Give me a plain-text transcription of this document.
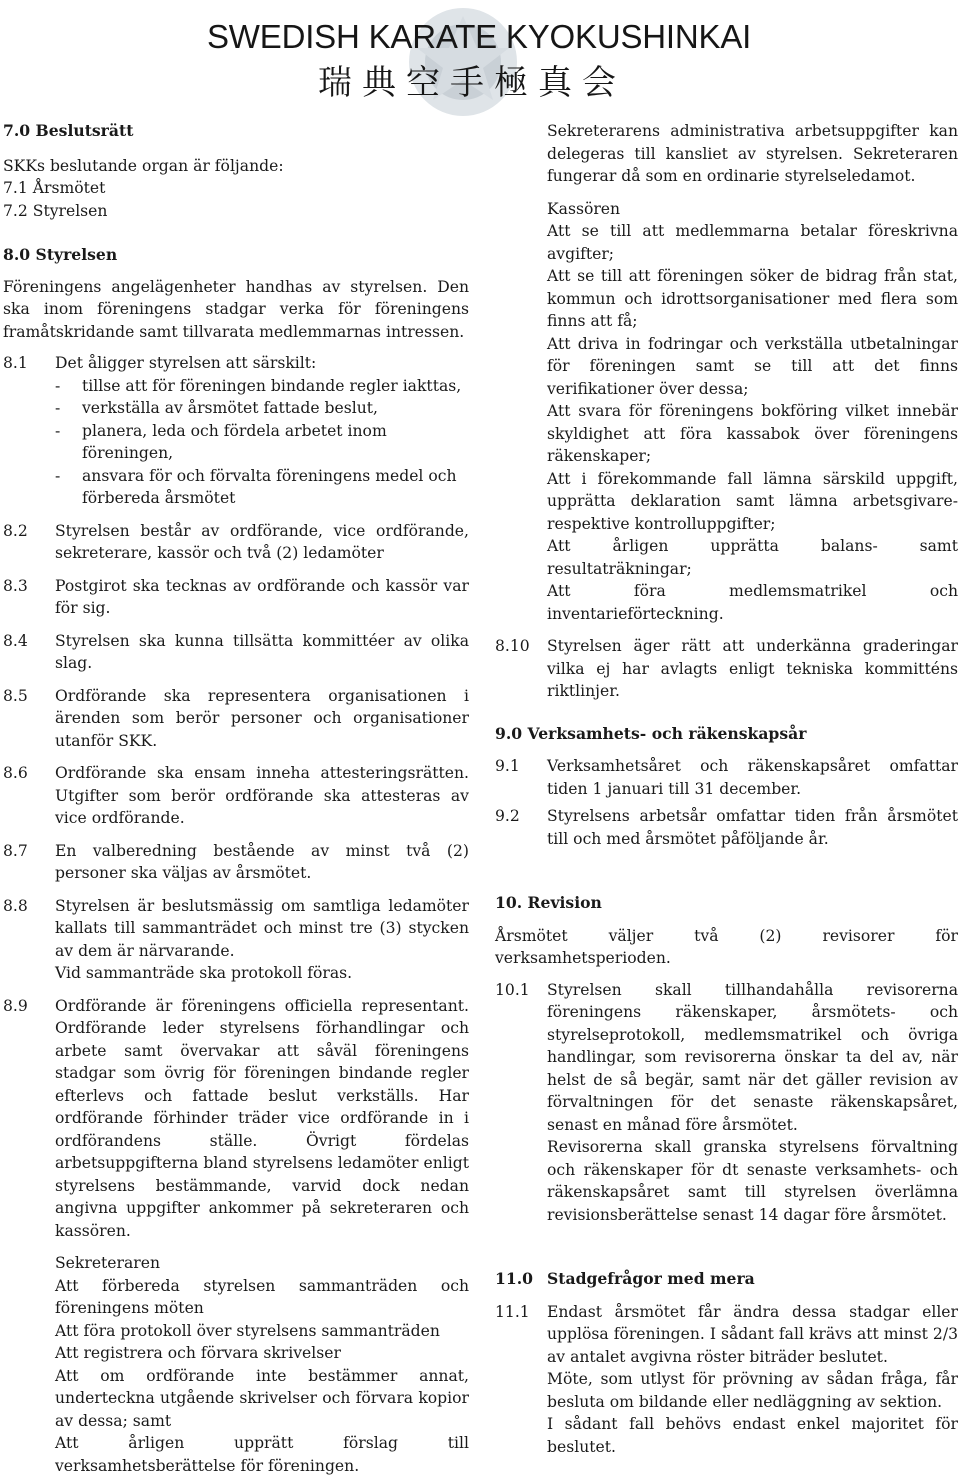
SWEDISH KARATE KYOKUSHINKAI
瑞典空手極真会

7.0 Beslutsrätt

SKKs beslutande organ är följande:

7.1 Årsmötet

7.2 Styrelsen

8.0 Styrelsen

Föreningens angelägenheter handhas av styrelsen. Den ska inom föreningens stadgar verka för föreningens framåtskridande samt tillvarata medlemmarnas intressen.

8.1	Det åligger styrelsen att särskilt:
-	tillse att för föreningen bindande regler iakttas,
-	verkställa av årsmötet fattade beslut,
-	planera, leda och fördela arbetet inom föreningen,
-	ansvara för och förvalta föreningens medel och förbereda årsmötet
8.2	Styrelsen består av ordförande, vice ordförande, sekreterare, kassör och två (2) ledamöter
8.3	Postgirot ska tecknas av ordförande och kassör var för sig.
8.4	Styrelsen ska kunna tillsätta kommittéer av olika slag.
8.5	Ordförande ska representera organisationen i ärenden som berör personer och organisationer utanför SKK.
8.6	Ordförande ska ensam inneha attesteringsrätten. Utgifter som berör ordförande ska attesteras av vice ordförande.
8.7	En valberedning bestående av minst två (2) personer ska väljas av årsmötet.
8.8	Styrelsen är beslutsmässig om samtliga ledamöter kallats till sammanträdet och minst tre (3) stycken av dem är närvarande.
Vid sammanträde ska protokoll föras.
8.9	Ordförande är föreningens officiella representant. Ordförande leder styrelsens förhandlingar och arbete samt övervakar att såväl föreningens stadgar som övrig för föreningen bindande regler efterlevs och fattade beslut verkställs. Har ordförande förhinder träder vice ordförande in i ordförandens ställe. Övrigt fördelas arbetsuppgifterna bland styrelsens ledamöter enligt styrelsens bestämmande, varvid dock nedan angivna uppgifter ankommer på sekreteraren och kassören.
Sekreteraren
Att förbereda styrelsen sammanträden och föreningens möten
Att föra protokoll över styrelsens sammanträden
Att registrera och förvara skrivelser
Att om ordförande inte bestämmer annat, underteckna utgående skrivelser och förvara kopior av dessa; samt
Att årligen upprätt förslag till verksamhetsberättelse för föreningen.
Sekreterarens administrativa arbetsuppgifter kan delegeras till kansliet av styrelsen. Sekreteraren fungerar då som en ordinarie styrelseledamot.
Kassören
Att se till att medlemmarna betalar föreskrivna avgifter;
Att se till att föreningen söker de bidrag från stat, kommun och idrottsorganisationer med flera som finns att få;
Att driva in fodringar och verkställa utbetalningar för föreningen samt se till att det finns verifikationer över dessa;
Att svara för föreningens bokföring vilket innebär skyldighet att föra kassabok över föreningens räkenskaper;
Att i förekommande fall lämna särskild uppgift, upprätta deklaration samt lämna arbetsgivare- respektive kontrolluppgifter;
Att årligen upprätta balans- samt resultaträkningar;
Att föra medlemsmatrikel och inventarieförteckning.
8.10	Styrelsen äger rätt att underkänna graderingar vilka ej har avlagts enligt tekniska kommitténs riktlinjer.

9.0 Verksamhets- och räkenskapsår

9.1	Verksamhetsåret och räkenskapsåret omfattar tiden 1 januari till 31 december.
9.2	Styrelsens arbetsår omfattar tiden från årsmötet till och med årsmötet påföljande år.

10. Revision

Årsmötet väljer två (2) revisorer för verksamhetsperioden.

10.1	Styrelsen skall tillhandahålla revisorerna föreningens räkenskaper, årsmötets- och styrelseprotokoll, medlemsmatrikel och övriga handlingar, som revisorerna önskar ta del av, när helst de så begär, samt när det gäller revision av förvaltningen för det senaste räkenskapsåret, senast en månad före årsmötet.
Revisorerna skall granska styrelsens förvaltning och räkenskaper för dt senaste verksamhets- och räkenskapsåret samt till styrelsen överlämna revisionsberättelse senast 14 dagar före årsmötet.
11.0 Stadgefrågor med mera
11.1	Endast årsmötet får ändra dessa stadgar eller upplösa föreningen. I sådant fall krävs att minst 2/3 av antalet avgivna röster biträder beslutet.
Möte, som utlyst för prövning av sådan fråga, får besluta om bildande eller nedläggning av sektion.
I sådant fall behövs endast enkel majoritet för beslutet.
